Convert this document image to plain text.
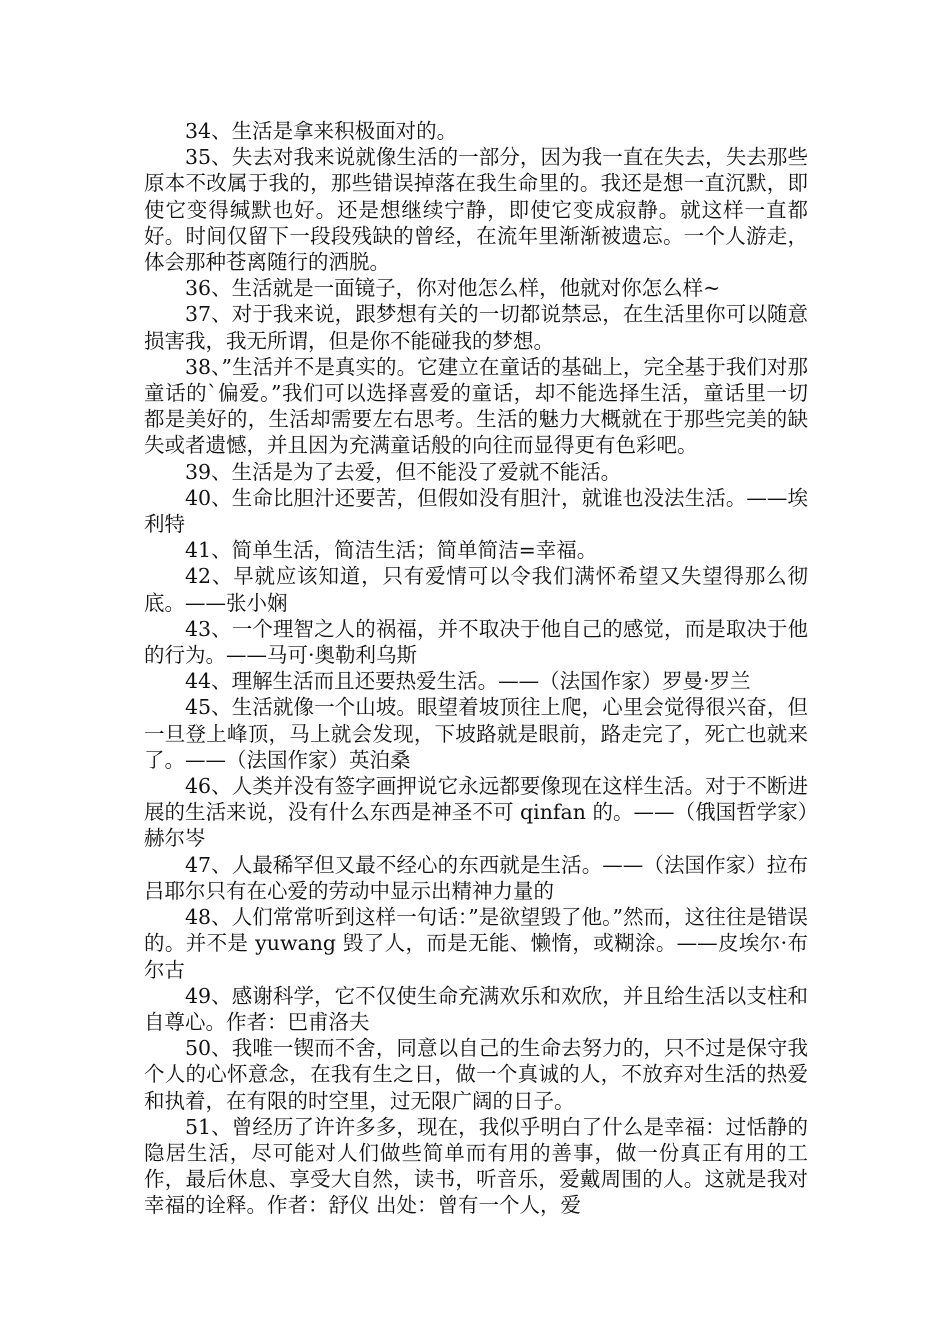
34、生活是拿来积极面对的。

35、失去对我来说就像生活的一部分，因为我一直在失去，失去那些原本不改属于我的，那些错误掉落在我生命里的。我还是想一直沉默，即使它变得缄默也好。还是想继续宁静，即使它变成寂静。就这样一直都好。时间仅留下一段段残缺的曾经，在流年里渐渐被遗忘。一个人游走，体会那种苍离随行的洒脱。

36、生活就是一面镜子，你对他怎么样，他就对你怎么样~

37、对于我来说，跟梦想有关的一切都说禁忌，在生活里你可以随意损害我，我无所谓，但是你不能碰我的梦想。

38、”生活并不是真实的。它建立在童话的基础上，完全基于我们对那童话的`偏爱。”我们可以选择喜爱的童话，却不能选择生活，童话里一切都是美好的，生活却需要左右思考。生活的魅力大概就在于那些完美的缺失或者遗憾，并且因为充满童话般的向往而显得更有色彩吧。

39、生活是为了去爱，但不能没了爱就不能活。

40、生命比胆汁还要苦，但假如没有胆汁，就谁也没法生活。——埃利特

41、简单生活，简洁生活；简单简洁=幸福。

42、早就应该知道，只有爱情可以令我们满怀希望又失望得那么彻底。——张小娴

43、一个理智之人的祸福，并不取决于他自己的感觉，而是取决于他的行为。——马可·奥勒利乌斯

44、理解生活而且还要热爱生活。——（法国作家）罗曼·罗兰

45、生活就像一个山坡。眼望着坡顶往上爬，心里会觉得很兴奋，但一旦登上峰顶，马上就会发现，下坡路就是眼前，路走完了，死亡也就来了。——（法国作家）英泊桑

46、人类并没有签字画押说它永远都要像现在这样生活。对于不断进展的生活来说，没有什么东西是神圣不可 qinfan 的。——（俄国哲学家）赫尔岑

47、人最稀罕但又最不经心的东西就是生活。——（法国作家）拉布吕耶尔只有在心爱的劳动中显示出精神力量的

48、人们常常听到这样一句话：”是欲望毁了他。”然而，这往往是错误的。并不是 yuwang 毁了人，而是无能、懒惰，或糊涂。——皮埃尔·布尔古

49、感谢科学，它不仅使生命充满欢乐和欢欣，并且给生活以支柱和自尊心。作者：巴甫洛夫

50、我唯一锲而不舍，同意以自己的生命去努力的，只不过是保守我个人的心怀意念，在我有生之日，做一个真诚的人，不放弃对生活的热爱和执着，在有限的时空里，过无限广阔的日子。

51、曾经历了许许多多，现在，我似乎明白了什么是幸福：过恬静的隐居生活，尽可能对人们做些简单而有用的善事，做一份真正有用的工作，最后休息、享受大自然，读书，听音乐，爱戴周围的人。这就是我对幸福的诠释。作者：舒仪 出处：曾有一个人，爱
